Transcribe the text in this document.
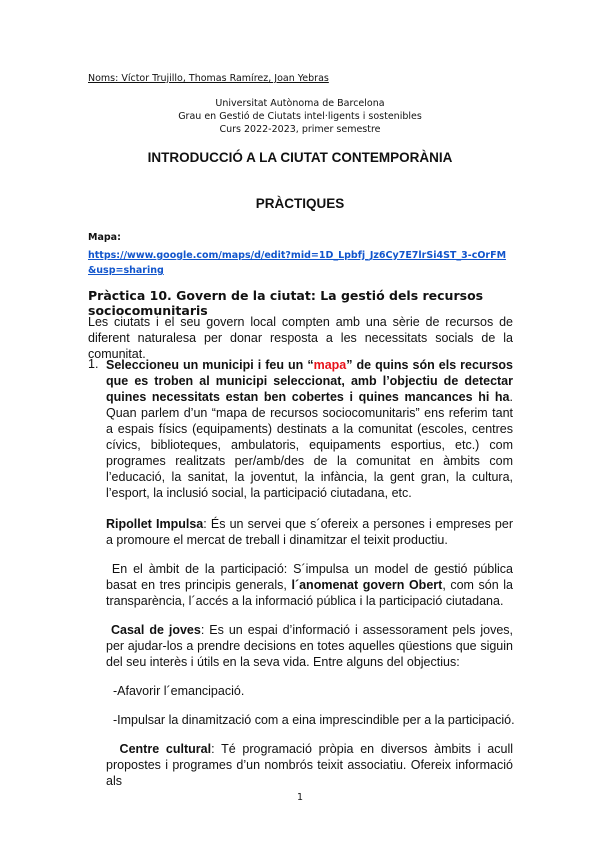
Noms: Víctor Trujillo, Thomas Ramírez, Joan Yebras
Universitat Autònoma de Barcelona
Grau en Gestió de Ciutats intel·ligents i sostenibles
Curs 2022-2023, primer semestre
INTRODUCCIÓ A LA CIUTAT CONTEMPORÀNIA
PRÀCTIQUES
Mapa:
https://www.google.com/maps/d/edit?mid=1D_Lpbfj_Jz6Cy7E7lrSi4ST_3-cOrFM&usp=sharing
Pràctica 10. Govern de la ciutat: La gestió dels recursos sociocomunitaris
Les ciutats i el seu govern local compten amb una sèrie de recursos de diferent naturalesa per donar resposta a les necessitats socials de la comunitat.
1. Seleccioneu un municipi i feu un “mapa” de quins són els recursos que es troben al municipi seleccionat, amb l’objectiu de detectar quines necessitats estan ben cobertes i quines mancances hi ha. Quan parlem d’un “mapa de recursos sociocomunitaris” ens referim tant a espais físics (equipaments) destinats a la comunitat (escoles, centres cívics, biblioteques, ambulatoris, equipaments esportius, etc.) com programes realitzats per/amb/des de la comunitat en àmbits com l’educació, la sanitat, la joventut, la infància, la gent gran, la cultura, l’esport, la inclusió social, la participació ciutadana, etc.
Ripollet Impulsa: És un servei que s´ofereix a persones i empreses per a promoure el mercat de treball i dinamitzar el teixit productiu.
En el àmbit de la participació: S´impulsa un model de gestió pública basat en tres principis generals, l´anomenat govern Obert, com són la transparència, l´accés a la informació pública i la participació ciutadana.
Casal de joves: Es un espai d’informació i assessorament pels joves, per ajudar-los a prendre decisions en totes aquelles qüestions que siguin del seu interès i útils en la seva vida. Entre alguns del objectius:
-Afavorir l´emancipació.
-Impulsar la dinamització com a eina imprescindible per a la participació.
Centre cultural: Té programació pròpia en diversos àmbits i acull propostes i programes d’un nombrós teixit associatiu. Ofereix informació als
1
